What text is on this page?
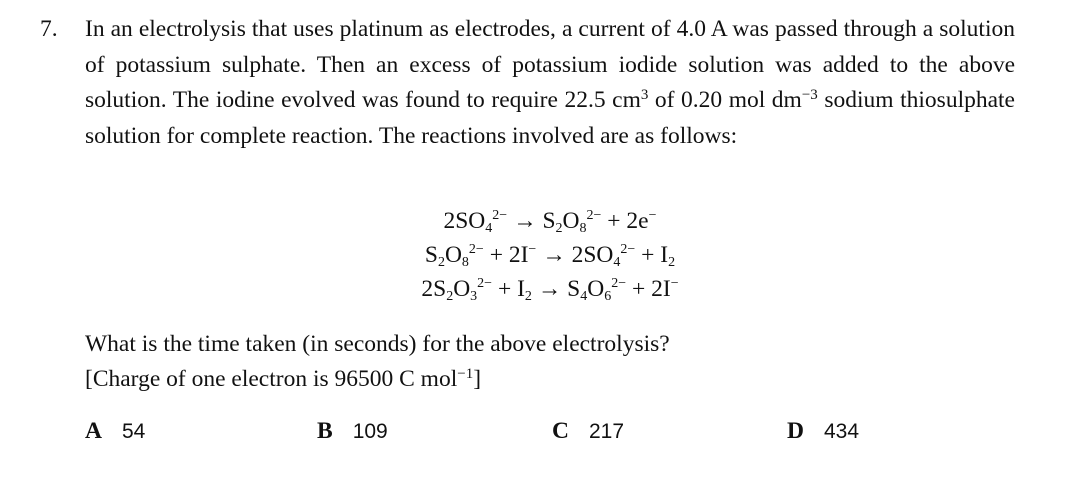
7. In an electrolysis that uses platinum as electrodes, a current of 4.0 A was passed through a solution of potassium sulphate. Then an excess of potassium iodide solution was added to the above solution. The iodine evolved was found to require 22.5 $cm^3$ of 0.20 mol $dm^{-3}$ sodium thiosulphate solution for complete reaction. The reactions involved are as follows:
$2SO_4^{2-} \to S_2O_8^{2-} + 2e^-$
$S_2O_8^{2-} + 2I^- \to 2SO_4^{2-} + I_2$
$2S_2O_3^{2-} + I_2 \to S_4O_6^{2-} + 2I^-$
What is the time taken (in seconds) for the above electrolysis?
[Charge of one electron is 96500 C mol$^{-1}$]
A 54	B 109	C 217	D 434
